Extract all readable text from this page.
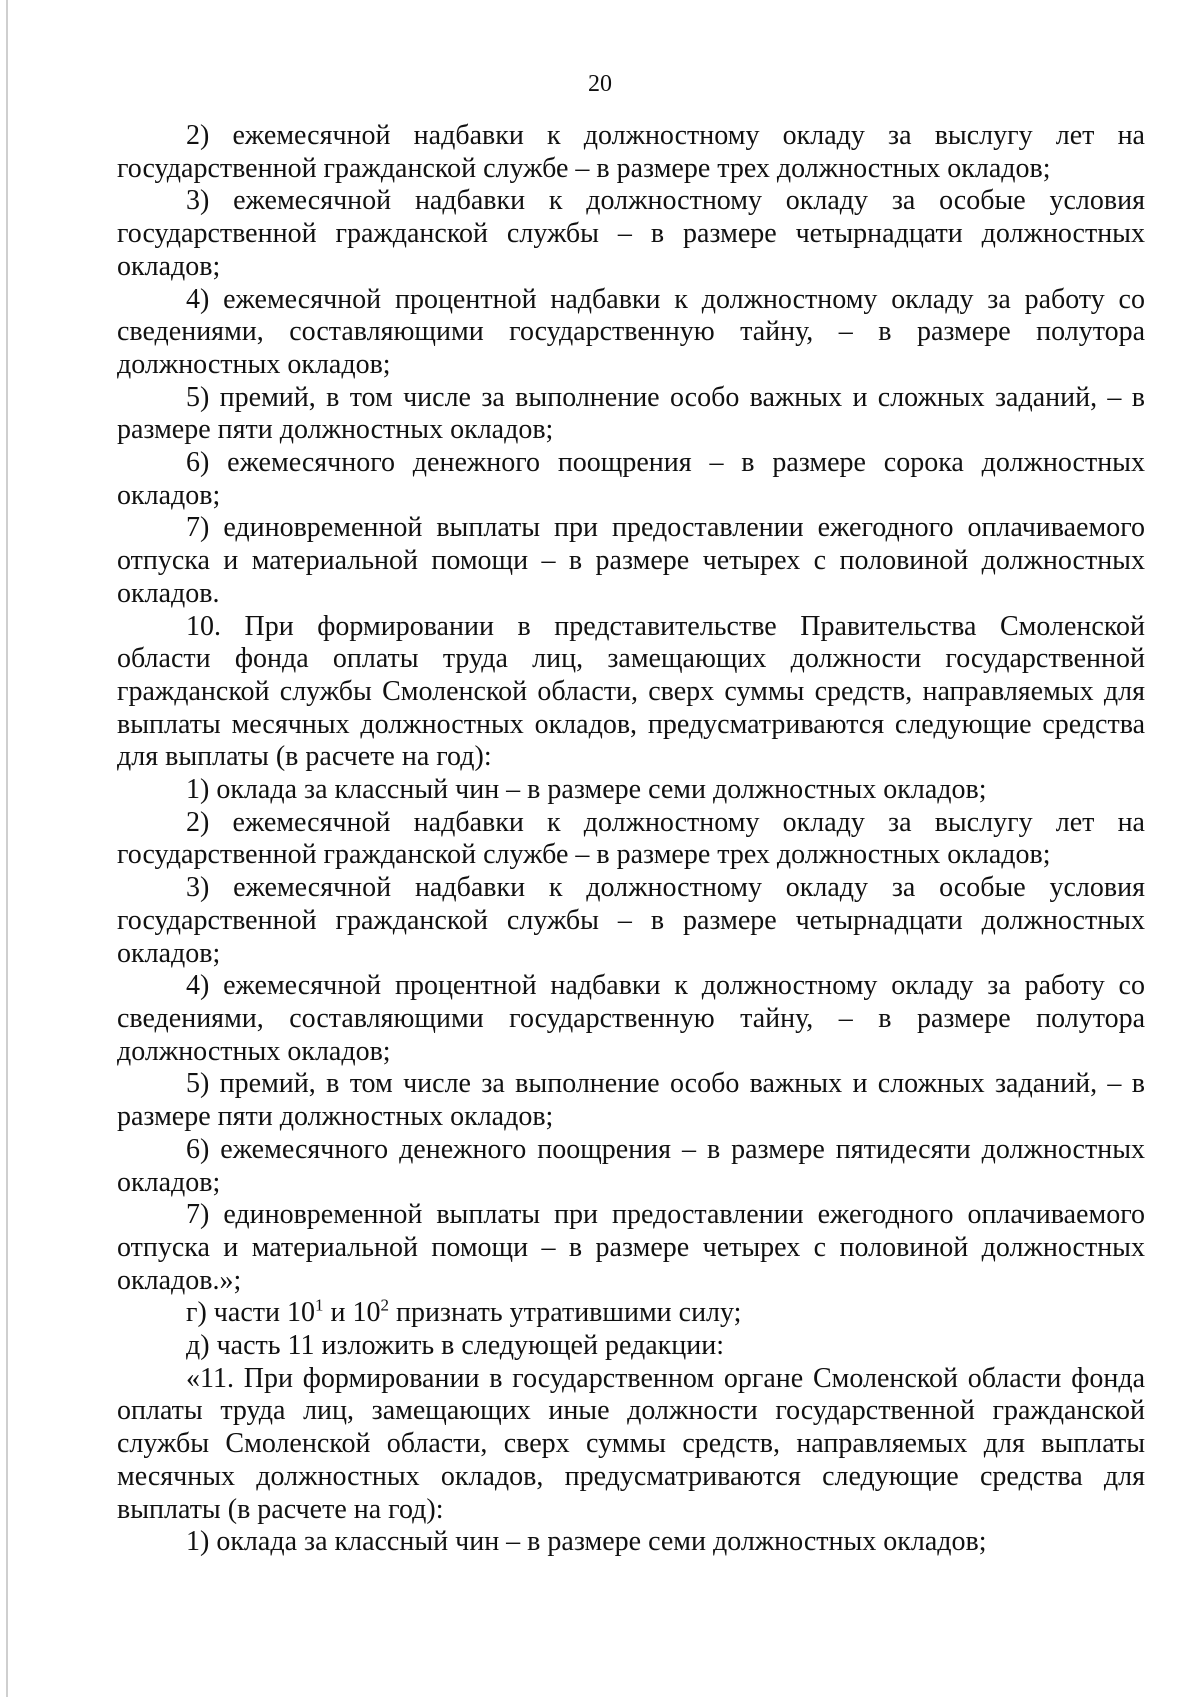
20

2) ежемесячной надбавки к должностному окладу за выслугу лет на государственной гражданской службе – в размере трех должностных окладов;

3) ежемесячной надбавки к должностному окладу за особые условия государственной гражданской службы – в размере четырнадцати должностных окладов;

4) ежемесячной процентной надбавки к должностному окладу за работу со сведениями, составляющими государственную тайну, – в размере полутора должностных окладов;

5) премий, в том числе за выполнение особо важных и сложных заданий, – в размере пяти должностных окладов;

6) ежемесячного денежного поощрения – в размере сорока должностных окладов;

7) единовременной выплаты при предоставлении ежегодного оплачиваемого отпуска и материальной помощи – в размере четырех с половиной должностных окладов.

10. При формировании в представительстве Правительства Смоленской области фонда оплаты труда лиц, замещающих должности государственной гражданской службы Смоленской области, сверх суммы средств, направляемых для выплаты месячных должностных окладов, предусматриваются следующие средства для выплаты (в расчете на год):

1) оклада за классный чин – в размере семи должностных окладов;

2) ежемесячной надбавки к должностному окладу за выслугу лет на государственной гражданской службе – в размере трех должностных окладов;

3) ежемесячной надбавки к должностному окладу за особые условия государственной гражданской службы – в размере четырнадцати должностных окладов;

4) ежемесячной процентной надбавки к должностному окладу за работу со сведениями, составляющими государственную тайну, – в размере полутора должностных окладов;

5) премий, в том числе за выполнение особо важных и сложных заданий, – в размере пяти должностных окладов;

6) ежемесячного денежного поощрения – в размере пятидесяти должностных окладов;

7) единовременной выплаты при предоставлении ежегодного оплачиваемого отпуска и материальной помощи – в размере четырех с половиной должностных окладов.»;

г) части $10^1$ и $10^2$ признать утратившими силу;

д) часть 11 изложить в следующей редакции:

«11. При формировании в государственном органе Смоленской области фонда оплаты труда лиц, замещающих иные должности государственной гражданской службы Смоленской области, сверх суммы средств, направляемых для выплаты месячных должностных окладов, предусматриваются следующие средства для выплаты (в расчете на год):

1) оклада за классный чин – в размере семи должностных окладов;
